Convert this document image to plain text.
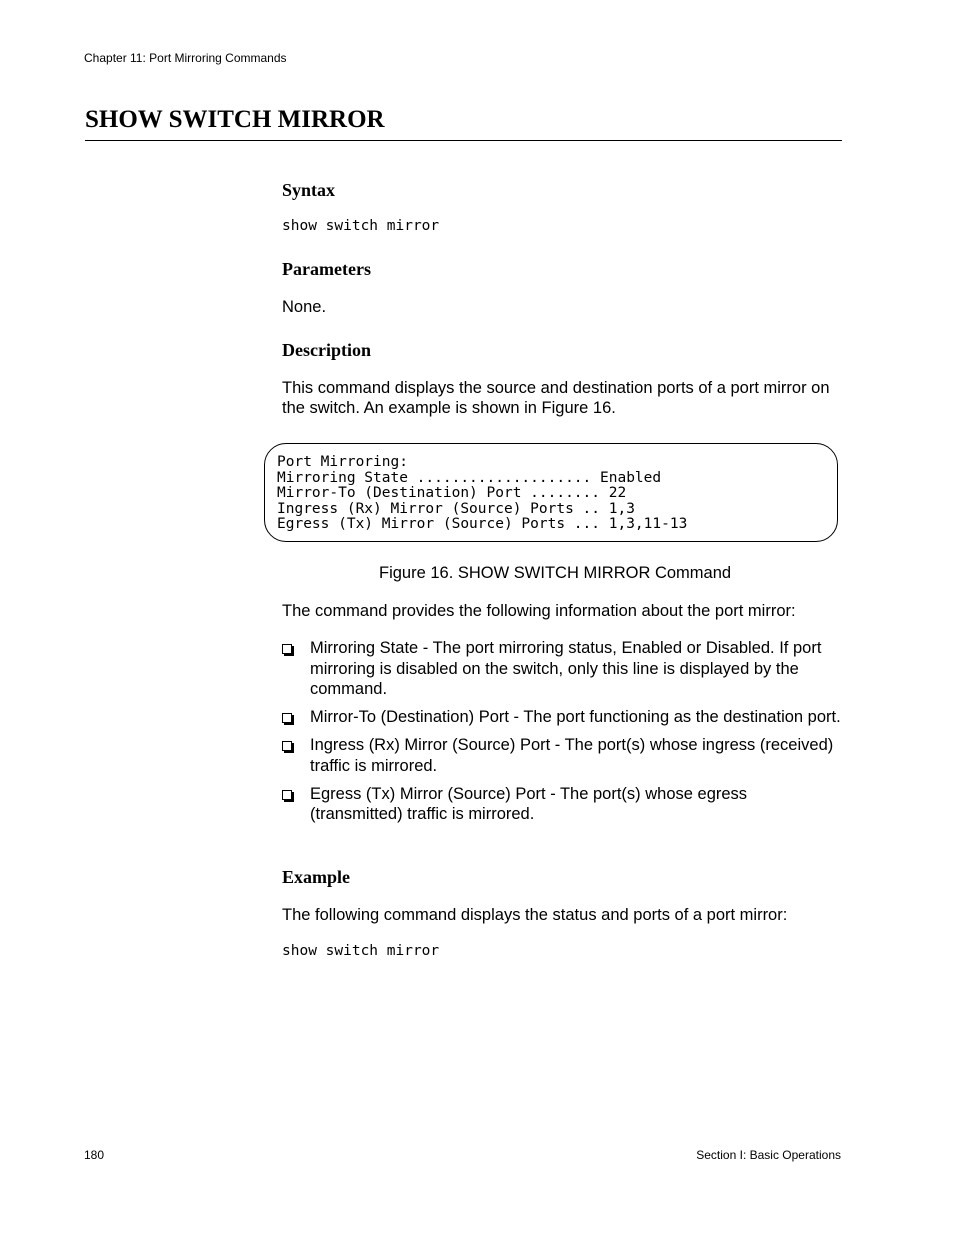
Chapter 11: Port Mirroring Commands
SHOW SWITCH MIRROR
Syntax
show switch mirror
Parameters
None.
Description
This command displays the source and destination ports of a port mirror on the switch. An example is shown in Figure 16.
Port Mirroring:
Mirroring State .................... Enabled
Mirror-To (Destination) Port ........ 22
Ingress (Rx) Mirror (Source) Ports .. 1,3
Egress (Tx) Mirror (Source) Ports ... 1,3,11-13
Figure 16. SHOW SWITCH MIRROR Command
The command provides the following information about the port mirror:
Mirroring State - The port mirroring status, Enabled or Disabled. If port mirroring is disabled on the switch, only this line is displayed by the command.
Mirror-To (Destination) Port - The port functioning as the destination port.
Ingress (Rx) Mirror (Source) Port - The port(s) whose ingress (received) traffic is mirrored.
Egress (Tx) Mirror (Source) Port - The port(s) whose egress (transmitted) traffic is mirrored.
Example
The following command displays the status and ports of a port mirror:
show switch mirror
180	Section I: Basic Operations
